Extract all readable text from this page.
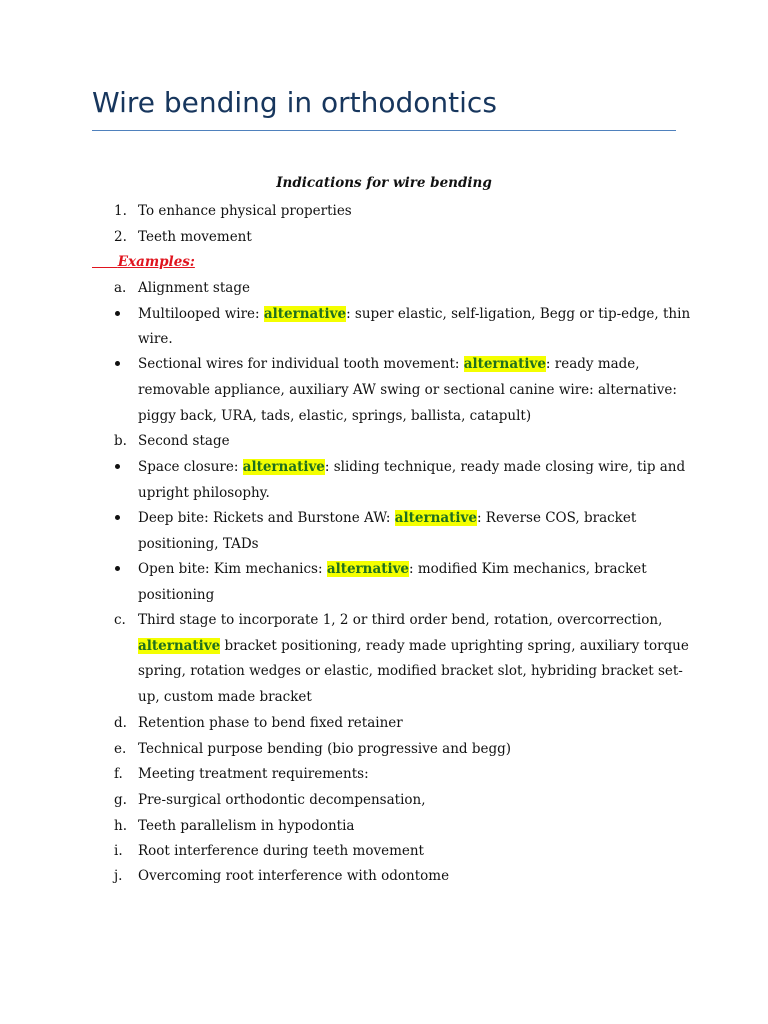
Wire bending in orthodontics
Indications for wire bending
1. To enhance physical properties
2. Teeth movement
Examples:
a. Alignment stage
Multilooped wire: alternative: super elastic, self-ligation, Begg or tip-edge, thin
wire.
Sectional wires for individual tooth movement: alternative: ready made,
removable appliance, auxiliary AW swing or sectional canine wire: alternative:
piggy back, URA, tads, elastic, springs, ballista, catapult)
b. Second stage
Space closure: alternative: sliding technique, ready made closing wire, tip and
upright philosophy.
Deep bite: Rickets and Burstone AW: alternative: Reverse COS, bracket
positioning, TADs
Open bite: Kim mechanics: alternative: modified Kim mechanics, bracket
positioning
c. Third stage to incorporate 1, 2 or third order bend, rotation, overcorrection,
alternative bracket positioning, ready made uprighting spring, auxiliary torque
spring, rotation wedges or elastic, modified bracket slot, hybriding bracket set-
up, custom made bracket
d. Retention phase to bend fixed retainer
e. Technical purpose bending (bio progressive and begg)
f. Meeting treatment requirements:
g. Pre-surgical orthodontic decompensation,
h. Teeth parallelism in hypodontia
i. Root interference during teeth movement
j. Overcoming root interference with odontome
